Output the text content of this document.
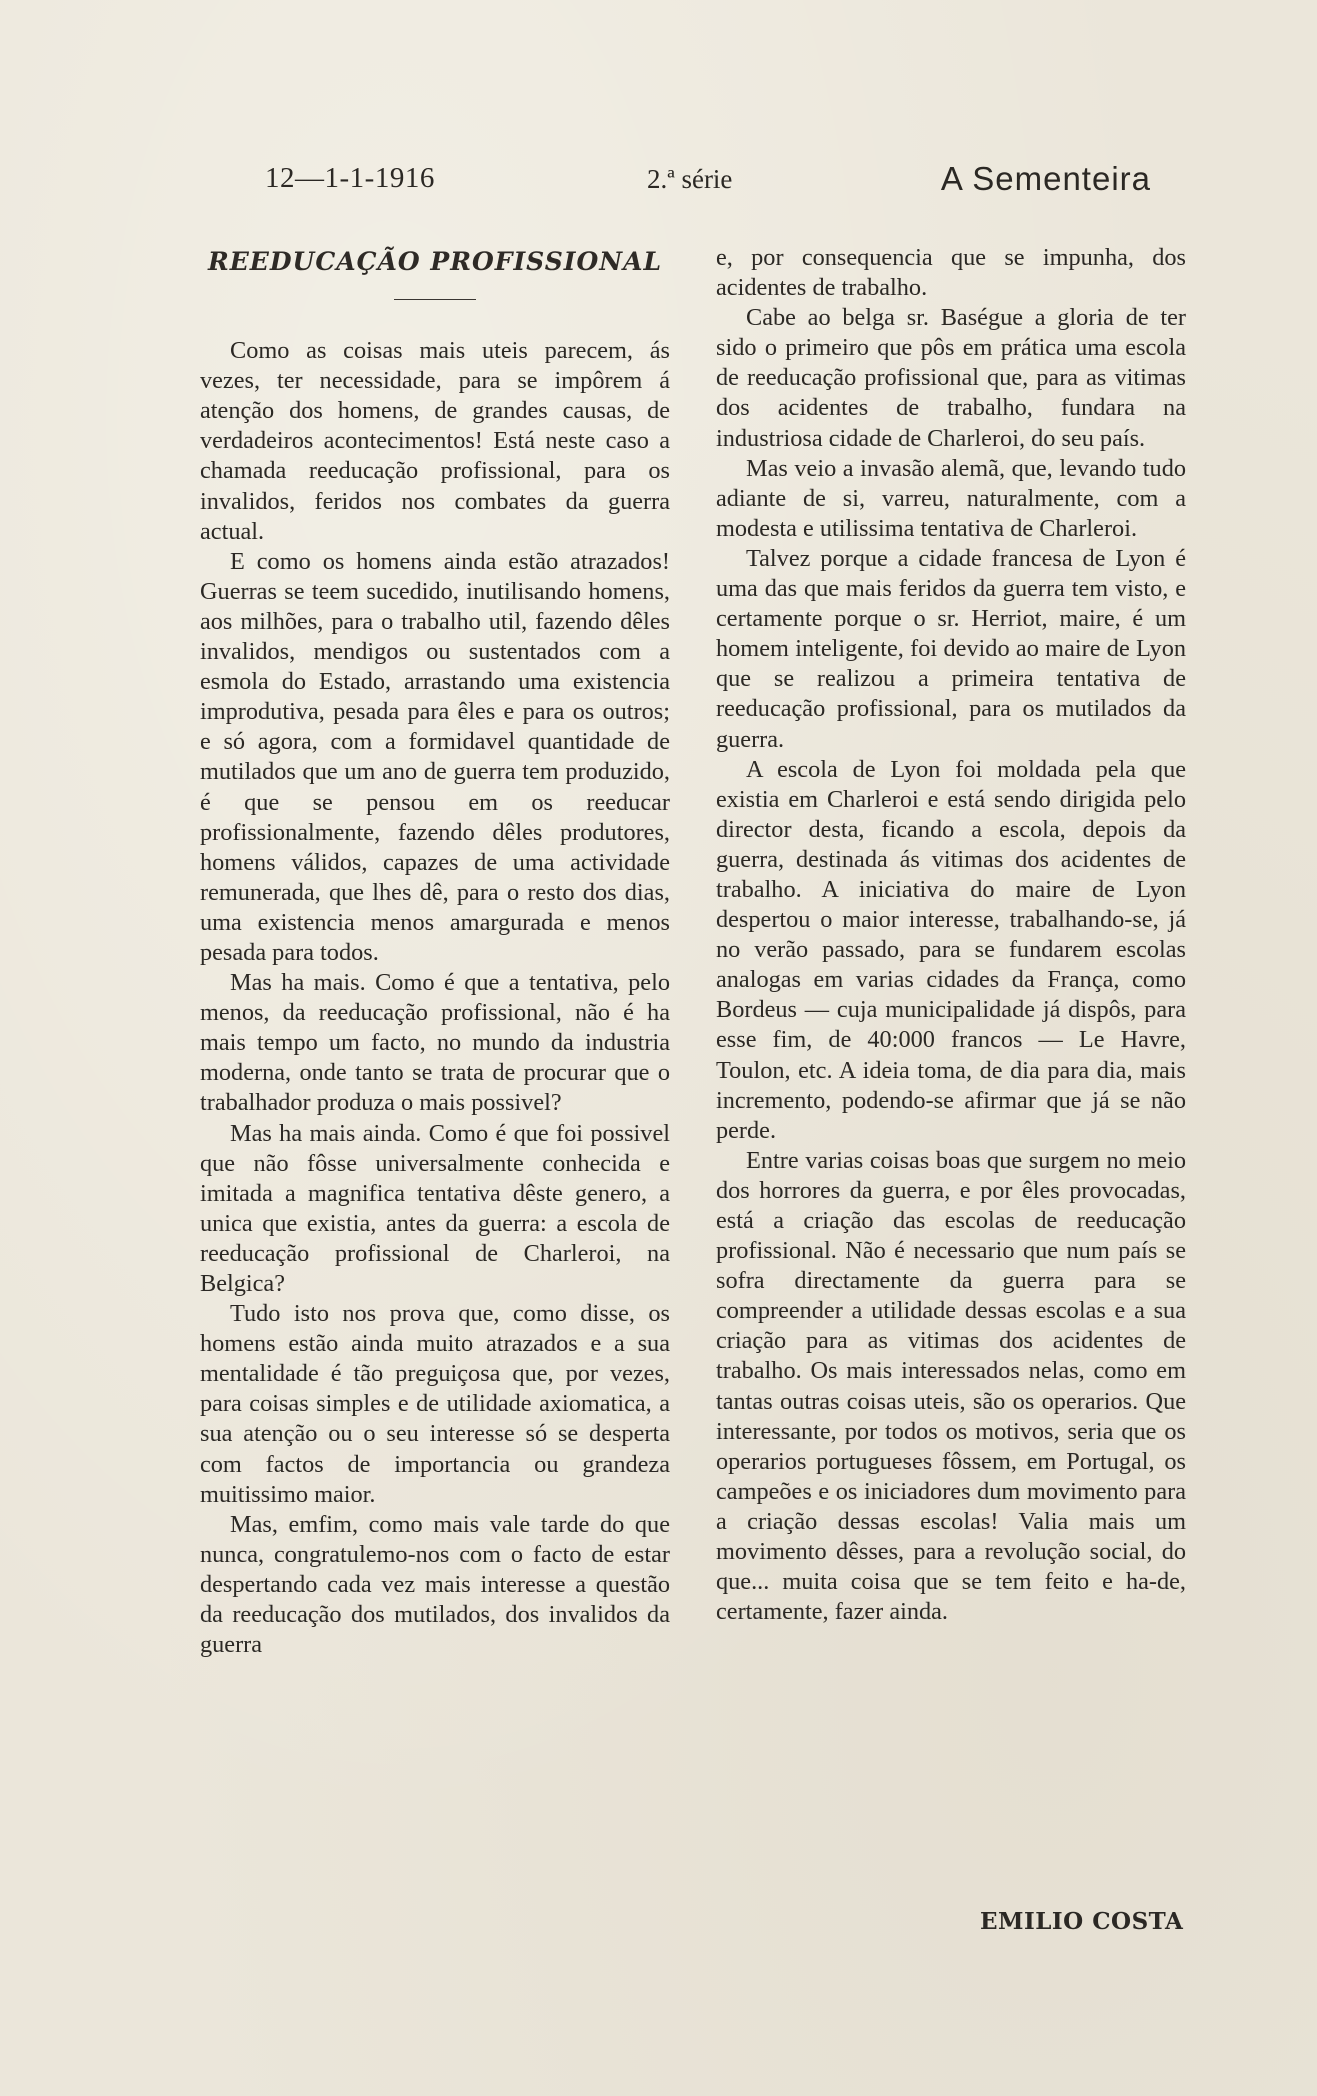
12—1-1-1916	2.ª série	A Sementeira
REEDUCAÇÃO PROFISSIONAL

Como as coisas mais uteis parecem, ás vezes, ter necessidade, para se impôrem á atenção dos homens, de grandes causas, de verdadeiros acontecimentos! Está neste caso a chamada reeducação profissional, para os invalidos, feridos nos combates da guerra actual.

E como os homens ainda estão atrazados! Guerras se teem sucedido, inutilisando homens, aos milhões, para o trabalho util, fazendo dêles invalidos, mendigos ou sustentados com a esmola do Estado, arrastando uma existencia improdutiva, pesada para êles e para os outros; e só agora, com a formidavel quantidade de mutilados que um ano de guerra tem produzido, é que se pensou em os reeducar profissionalmente, fazendo dêles produtores, homens válidos, capazes de uma actividade remunerada, que lhes dê, para o resto dos dias, uma existencia menos amargurada e menos pesada para todos.

Mas ha mais. Como é que a tentativa, pelo menos, da reeducação profissional, não é ha mais tempo um facto, no mundo da industria moderna, onde tanto se trata de procurar que o trabalhador produza o mais possivel?

Mas ha mais ainda. Como é que foi possivel que não fôsse universalmente conhecida e imitada a magnifica tentativa dêste genero, a unica que existia, antes da guerra: a escola de reeducação profissional de Charleroi, na Belgica?

Tudo isto nos prova que, como disse, os homens estão ainda muito atrazados e a sua mentalidade é tão preguiçosa que, por vezes, para coisas simples e de utilidade axiomatica, a sua atenção ou o seu interesse só se desperta com factos de importancia ou grandeza muitissimo maior.

Mas, emfim, como mais vale tarde do que nunca, congratulemo-nos com o facto de estar despertando cada vez mais interesse a questão da reeducação dos mutilados, dos invalidos da guerra

e, por consequencia que se impunha, dos acidentes de trabalho.

Cabe ao belga sr. Baségue a gloria de ter sido o primeiro que pôs em prática uma escola de reeducação profissional que, para as vitimas dos acidentes de trabalho, fundara na industriosa cidade de Charleroi, do seu país.

Mas veio a invasão alemã, que, levando tudo adiante de si, varreu, naturalmente, com a modesta e utilissima tentativa de Charleroi.

Talvez porque a cidade francesa de Lyon é uma das que mais feridos da guerra tem visto, e certamente porque o sr. Herriot, maire, é um homem inteligente, foi devido ao maire de Lyon que se realizou a primeira tentativa de reeducação profissional, para os mutilados da guerra.

A escola de Lyon foi moldada pela que existia em Charleroi e está sendo dirigida pelo director desta, ficando a escola, depois da guerra, destinada ás vitimas dos acidentes de trabalho. A iniciativa do maire de Lyon despertou o maior interesse, trabalhando-se, já no verão passado, para se fundarem escolas analogas em varias cidades da França, como Bordeus — cuja municipalidade já dispôs, para esse fim, de 40:000 francos — Le Havre, Toulon, etc. A ideia toma, de dia para dia, mais incremento, podendo-se afirmar que já se não perde.

Entre varias coisas boas que surgem no meio dos horrores da guerra, e por êles provocadas, está a criação das escolas de reeducação profissional. Não é necessario que num país se sofra directamente da guerra para se compreender a utilidade dessas escolas e a sua criação para as vitimas dos acidentes de trabalho. Os mais interessados nelas, como em tantas outras coisas uteis, são os operarios. Que interessante, por todos os motivos, seria que os operarios portugueses fôssem, em Portugal, os campeões e os iniciadores dum movimento para a criação dessas escolas! Valia mais um movimento dêsses, para a revolução social, do que... muita coisa que se tem feito e ha-de, certamente, fazer ainda.

EMILIO COSTA
